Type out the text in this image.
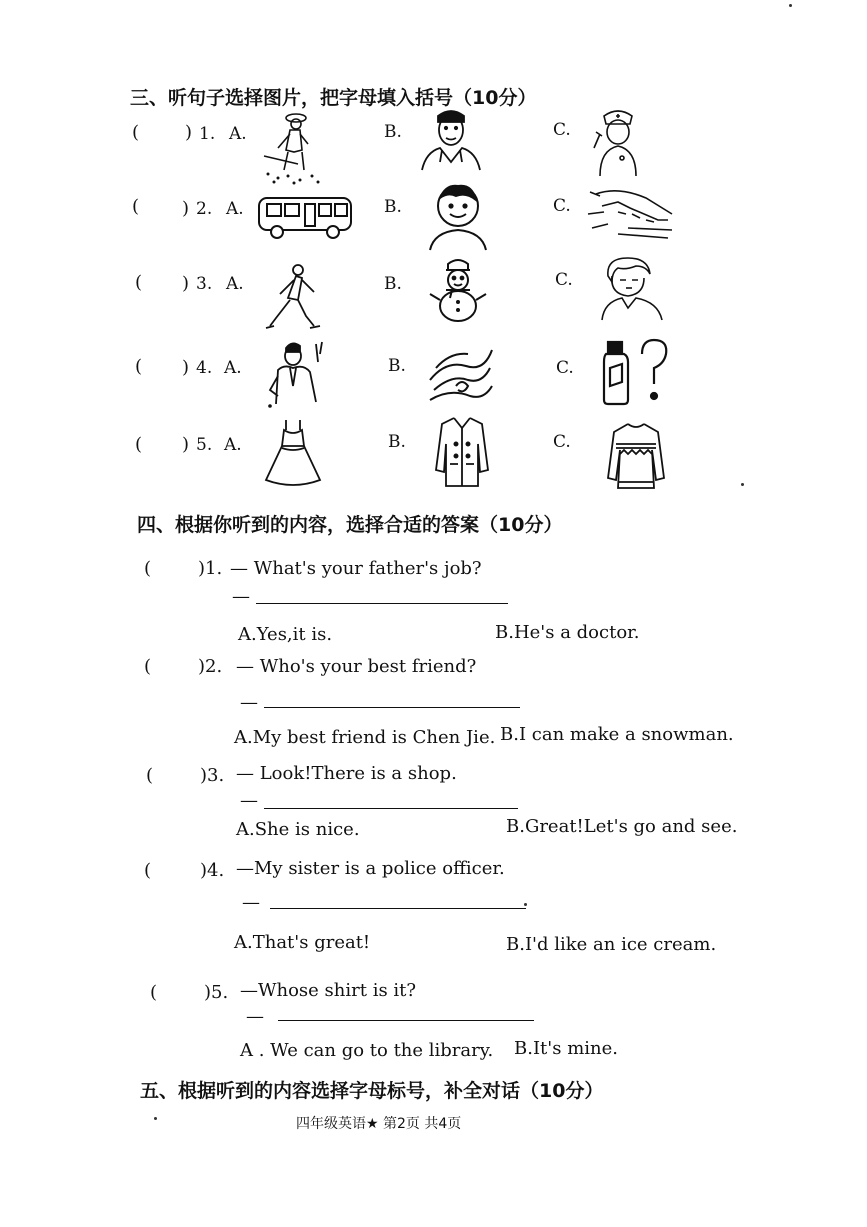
三、听句子选择图片，把字母填入括号（10分）
(	) 1. A.	B.	C.
( ) 2. A.	B.	C.
( ) 3. A.	B.	C.
( ) 4. A.	B.	C.
( ) 5. A.	B.	C.
四、根据你听到的内容，选择合适的答案（10分）
(	)1. — What's your father's job?
—
A.Yes,it is.	B.He's a doctor.
(	)2. — Who's your best friend?
—
A.My best friend is Chen Jie. B.I can make a snowman.
(	)3. — Look!There is a shop.
—
A.She is nice.	B.Great!Let's go and see.
(	)4. —My sister is a police officer.
—
A.That's great!	B.I'd like an ice cream.
(	)5. —Whose shirt is it?
—
A . We can go to the library. B.It's mine.
五、根据听到的内容选择字母标号，补全对话（10分）
四年级英语★ 第2页 共4页
